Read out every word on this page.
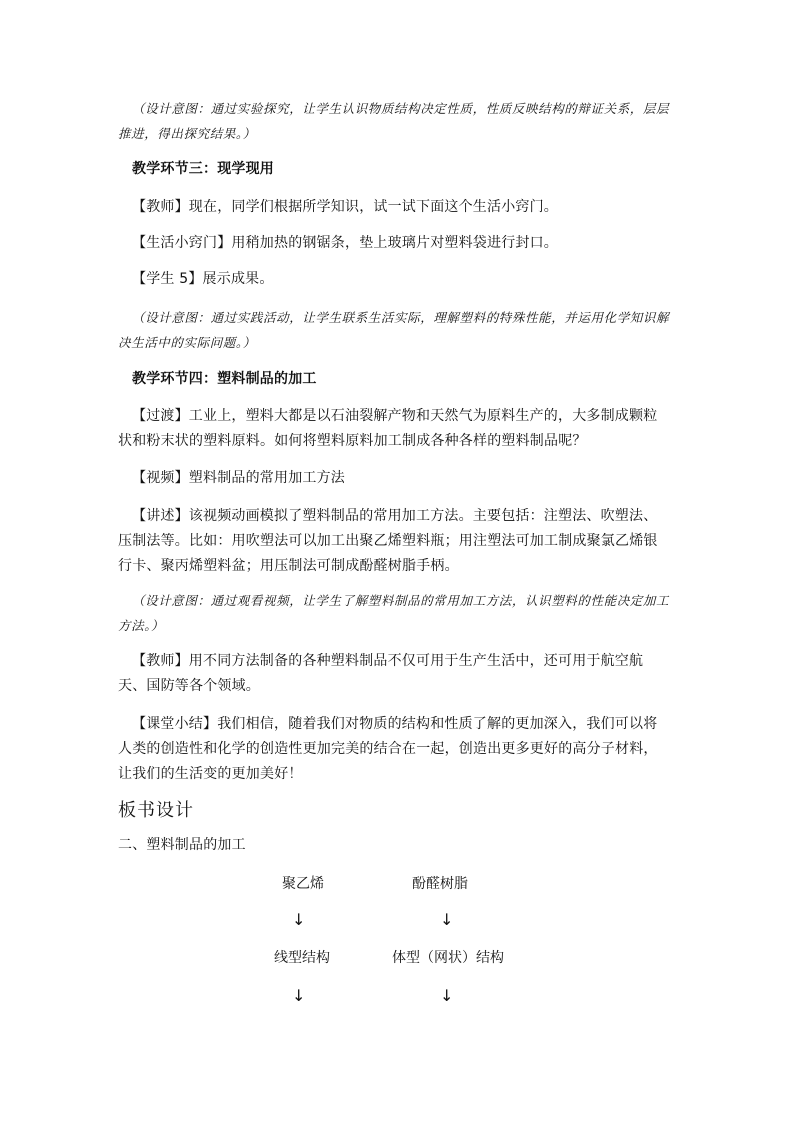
（设计意图：通过实验探究，让学生认识物质结构决定性质，性质反映结构的辩证关系，层层推进，得出探究结果。）

教学环节三：现学现用

【教师】现在，同学们根据所学知识，试一试下面这个生活小窍门。

【生活小窍门】用稍加热的钢锯条，垫上玻璃片对塑料袋进行封口。

【学生 5】展示成果。

（设计意图：通过实践活动，让学生联系生活实际，理解塑料的特殊性能，并运用化学知识解决生活中的实际问题。）

教学环节四：塑料制品的加工

【过渡】工业上，塑料大都是以石油裂解产物和天然气为原料生产的，大多制成颗粒状和粉末状的塑料原料。如何将塑料原料加工制成各种各样的塑料制品呢？

【视频】塑料制品的常用加工方法

【讲述】该视频动画模拟了塑料制品的常用加工方法。主要包括：注塑法、吹塑法、压制法等。比如：用吹塑法可以加工出聚乙烯塑料瓶；用注塑法可加工制成聚氯乙烯银行卡、聚丙烯塑料盆；用压制法可制成酚醛树脂手柄。

（设计意图：通过观看视频，让学生了解塑料制品的常用加工方法，认识塑料的性能决定加工方法。）

【教师】用不同方法制备的各种塑料制品不仅可用于生产生活中，还可用于航空航天、国防等各个领域。

【课堂小结】我们相信，随着我们对物质的结构和性质了解的更加深入，我们可以将人类的创造性和化学的创造性更加完美的结合在一起，创造出更多更好的高分子材料，让我们的生活变的更加美好！

板书设计

二、塑料制品的加工

聚乙烯	酚醛树脂
↓	↓
线型结构	体型（网状）结构
↓	↓
